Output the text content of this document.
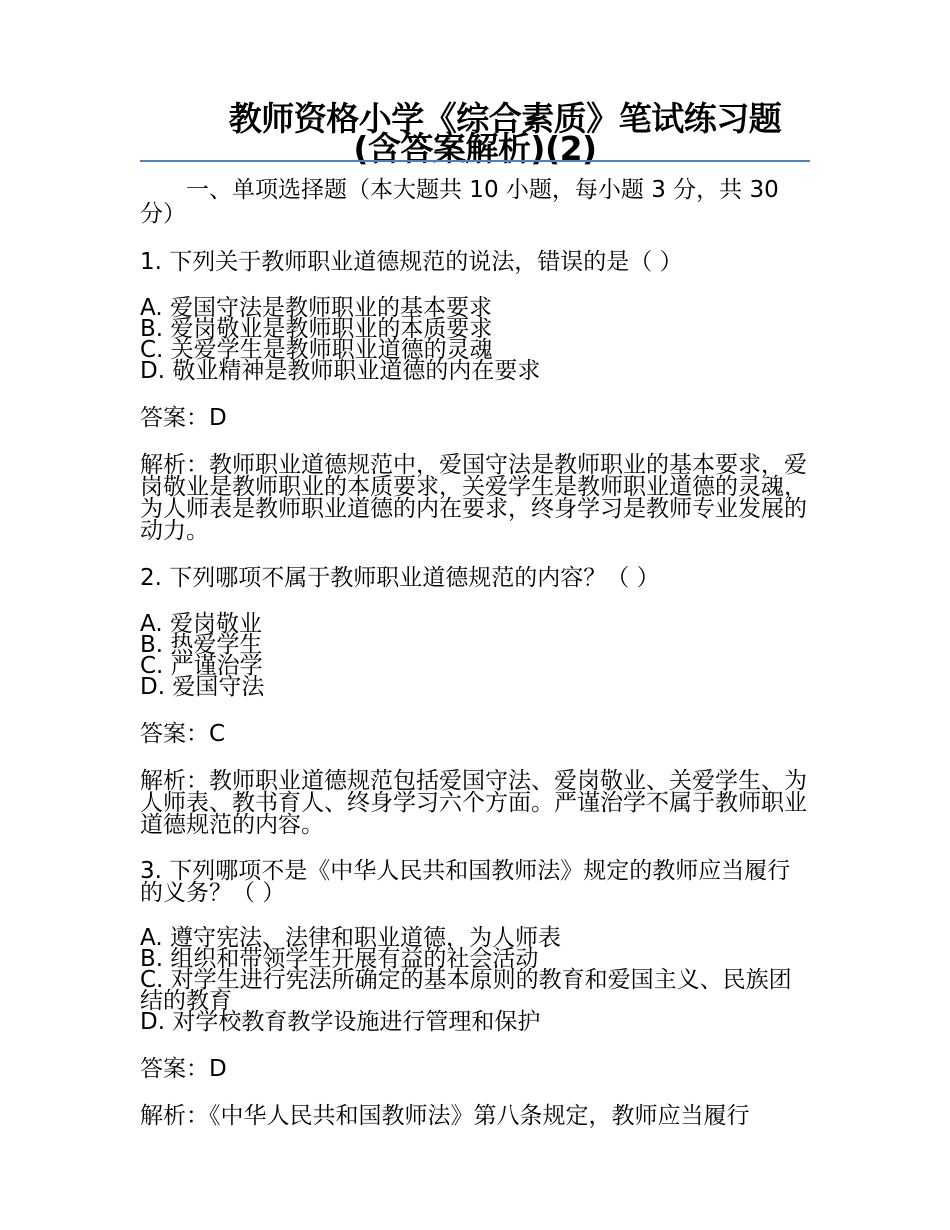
教师资格小学《综合素质》笔试练习题
(含答案解析)(2)

一、单项选择题（本大题共 10 小题，每小题 3 分，共 30 分）

1. 下列关于教师职业道德规范的说法，错误的是（ ）

A. 爱国守法是教师职业的基本要求
B. 爱岗敬业是教师职业的本质要求
C. 关爱学生是教师职业道德的灵魂
D. 敬业精神是教师职业道德的内在要求

答案：D

解析：教师职业道德规范中，爱国守法是教师职业的基本要求，爱岗敬业是教师职业的本质要求，关爱学生是教师职业道德的灵魂，为人师表是教师职业道德的内在要求，终身学习是教师专业发展的动力。

2. 下列哪项不属于教师职业道德规范的内容？（ ）

A. 爱岗敬业
B. 热爱学生
C. 严谨治学
D. 爱国守法

答案：C

解析：教师职业道德规范包括爱国守法、爱岗敬业、关爱学生、为人师表、教书育人、终身学习六个方面。严谨治学不属于教师职业道德规范的内容。

3. 下列哪项不是《中华人民共和国教师法》规定的教师应当履行的义务？（ ）

A. 遵守宪法、法律和职业道德，为人师表
B. 组织和带领学生开展有益的社会活动
C. 对学生进行宪法所确定的基本原则的教育和爱国主义、民族团结的教育
D. 对学校教育教学设施进行管理和保护

答案：D

解析：《中华人民共和国教师法》第八条规定，教师应当履行
